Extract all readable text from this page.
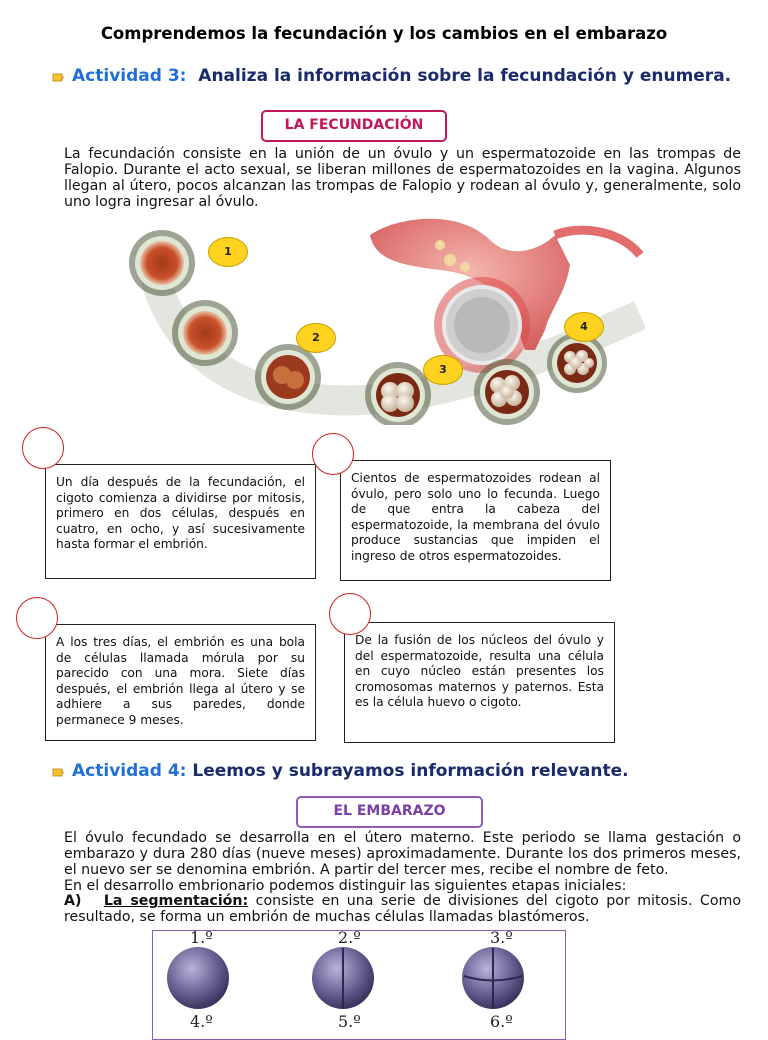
Comprendemos la fecundación y los cambios en el embarazo
Actividad 3: Analiza la información sobre la fecundación y enumera.
LA FECUNDACIÓN
La fecundación consiste en la unión de un óvulo y un espermatozoide en las trompas de Falopio. Durante el acto sexual, se liberan millones de espermatozoides en la vagina. Algunos llegan al útero, pocos alcanzan las trompas de Falopio y rodean al óvulo y, generalmente, solo uno logra ingresar al óvulo.
1
2
3
4
Un día después de la fecundación, el cigoto comienza a dividirse por mitosis, primero en dos células, después en cuatro, en ocho, y así sucesivamente hasta formar el embrión.
Cientos de espermatozoides rodean al óvulo, pero solo uno lo fecunda. Luego de que entra la cabeza del espermatozoide, la membrana del óvulo produce sustancias que impiden el ingreso de otros espermatozoides.
A los tres días, el embrión es una bola de células llamada mórula por su parecido con una mora. Siete días después, el embrión llega al útero y se adhiere a sus paredes, donde permanece 9 meses.
De la fusión de los núcleos del óvulo y del espermatozoide, resulta una célula en cuyo núcleo están presentes los cromosomas maternos y paternos. Esta es la célula huevo o cigoto.
Actividad 4: Leemos y subrayamos información relevante.
EL EMBARAZO
El óvulo fecundado se desarrolla en el útero materno. Este periodo se llama gestación o embarazo y dura 280 días (nueve meses) aproximadamente. Durante los dos primeros meses, el nuevo ser se denomina embrión. A partir del tercer mes, recibe el nombre de feto.
En el desarrollo embrionario podemos distinguir las siguientes etapas iniciales:
A) La segmentación: consiste en una serie de divisiones del cigoto por mitosis. Como resultado, se forma un embrión de muchas células llamadas blastómeros.
1.º	2.º	3.º
4.º	5.º	6.º
